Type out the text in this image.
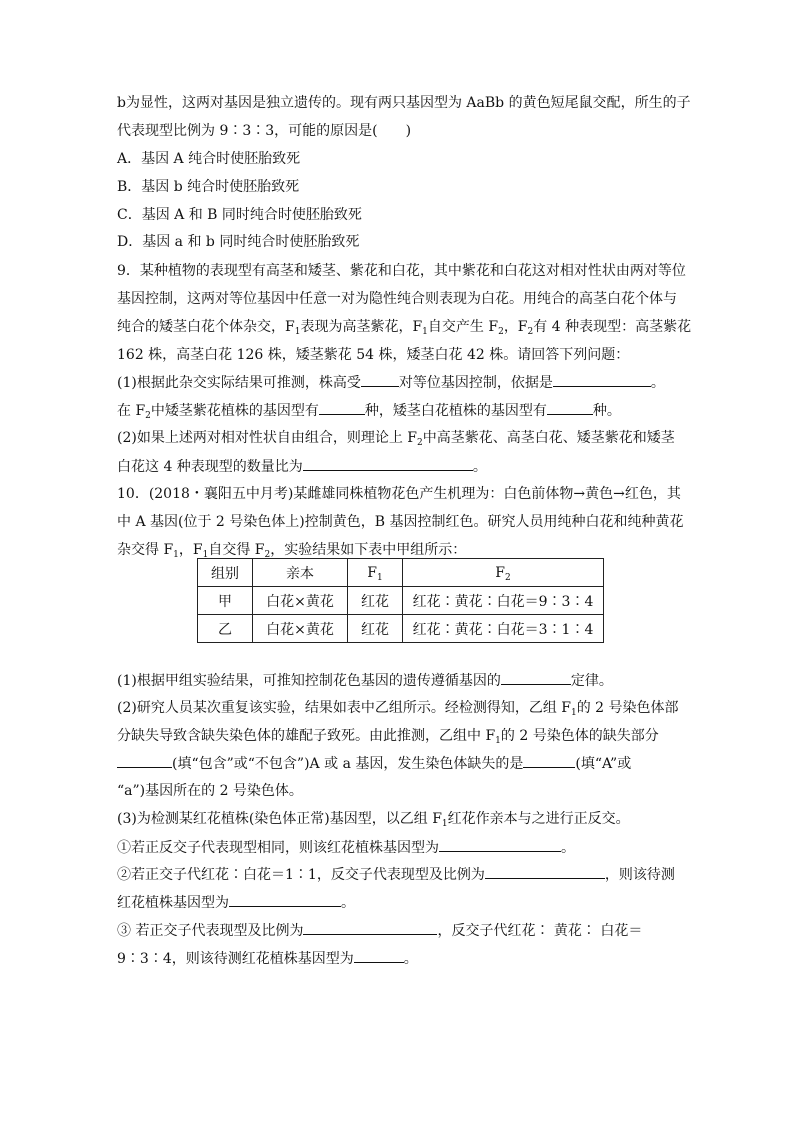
b为显性，这两对基因是独立遗传的。现有两只基因型为 AaBb 的黄色短尾鼠交配，所生的子
代表现型比例为 9∶3∶3，可能的原因是(　　)
A．基因 A 纯合时使胚胎致死
B．基因 b 纯合时使胚胎致死
C．基因 A 和 B 同时纯合时使胚胎致死
D．基因 a 和 b 同时纯合时使胚胎致死
9．某种植物的表现型有高茎和矮茎、紫花和白花，其中紫花和白花这对相对性状由两对等位
基因控制，这两对等位基因中任意一对为隐性纯合则表现为白花。用纯合的高茎白花个体与
纯合的矮茎白花个体杂交，$F_1$表现为高茎紫花，$F_1$自交产生 $F_2$，$F_2$有 4 种表现型：高茎紫花
162 株，高茎白花 126 株，矮茎紫花 54 株，矮茎白花 42 株。请回答下列问题：
(1)根据此杂交实际结果可推测，株高受	对等位基因控制，依据是	。
在 $F_2$中矮茎紫花植株的基因型有	种，矮茎白花植株的基因型有	种。
(2)如果上述两对相对性状自由组合，则理论上 $F_2$中高茎紫花、高茎白花、矮茎紫花和矮茎
白花这 4 种表现型的数量比为	。
10．(2018・襄阳五中月考)某雌雄同株植物花色产生机理为：白色前体物→黄色→红色，其
中 A 基因(位于 2 号染色体上)控制黄色，B 基因控制红色。研究人员用纯种白花和纯种黄花
杂交得 $F_1$，$F_1$自交得 $F_2$，实验结果如下表中甲组所示：
组别	亲本	$F_1$	$F_2$
甲	白花×黄花	红花	红花∶黄花∶白花＝9∶3∶4
乙	白花×黄花	红花	红花∶黄花∶白花＝3∶1∶4
(1)根据甲组实验结果，可推知控制花色基因的遗传遵循基因的	定律。
(2)研究人员某次重复该实验，结果如表中乙组所示。经检测得知，乙组 $F_1$的 2 号染色体部
分缺失导致含缺失染色体的雄配子致死。由此推测，乙组中 $F_1$的 2 号染色体的缺失部分
(填“包含”或“不包含”)A 或 a 基因，发生染色体缺失的是	(填“A”或
“a”)基因所在的 2 号染色体。
(3)为检测某红花植株(染色体正常)基因型，以乙组 $F_1$红花作亲本与之进行正反交。
①若正反交子代表现型相同，则该红花植株基因型为	。
②若正交子代红花∶白花＝1∶1，反交子代表现型及比例为	，则该待测
红花植株基因型为	。
③ 若正交子代表现型及比例为	，反交子代红花∶ 黄花∶ 白花＝
9∶3∶4，则该待测红花植株基因型为	。
